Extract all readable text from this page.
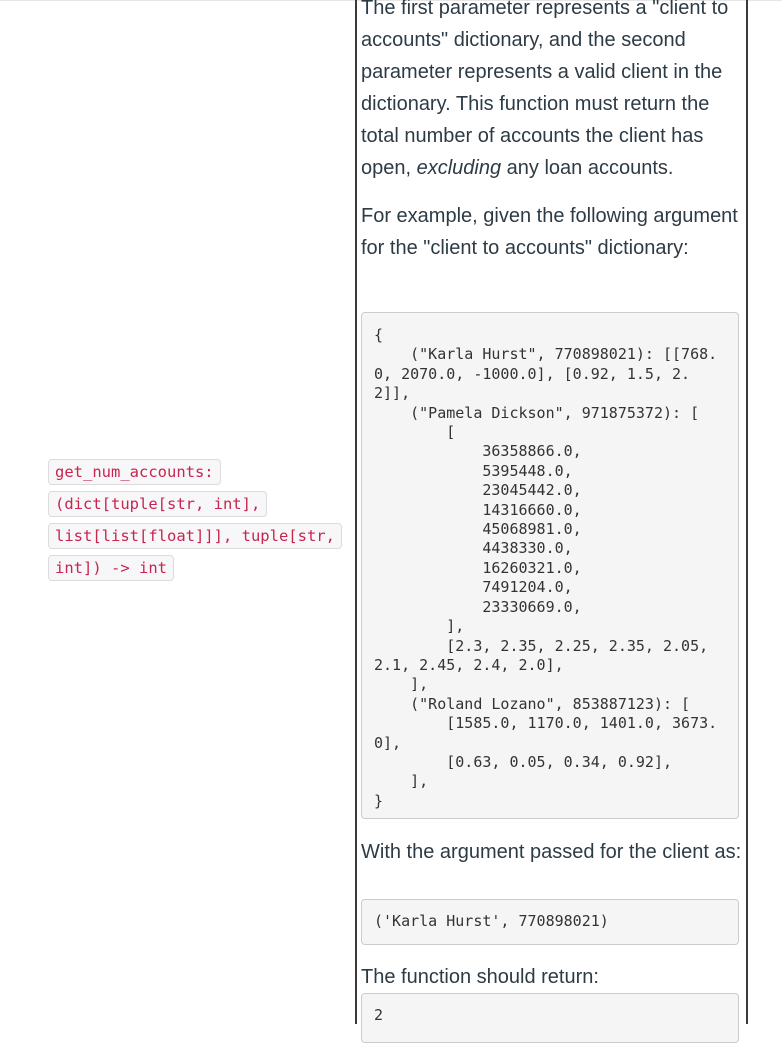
get_num_accounts: (dict[tuple[str, int], list[list[float]]], tuple[str, int]) -> int

The first parameter represents a "client to accounts" dictionary, and the second parameter represents a valid client in the dictionary. This function must return the total number of accounts the client has open, excluding any loan accounts.

For example, given the following argument for the "client to accounts" dictionary:

{
("Karla Hurst", 770898021): [[768.0, 2070.0, -1000.0], [0.92, 1.5, 2.2]],
("Pamela Dickson", 971875372): [
[
36358866.0,
5395448.0,
23045442.0,
14316660.0,
45068981.0,
4438330.0,
16260321.0,
7491204.0,
23330669.0,
],
[2.3, 2.35, 2.25, 2.35, 2.05, 2.1, 2.45, 2.4, 2.0],
],
("Roland Lozano", 853887123): [
[1585.0, 1170.0, 1401.0, 3673.0],
[0.63, 0.05, 0.34, 0.92],
],
}

With the argument passed for the client as:

('Karla Hurst', 770898021)

The function should return:

2
